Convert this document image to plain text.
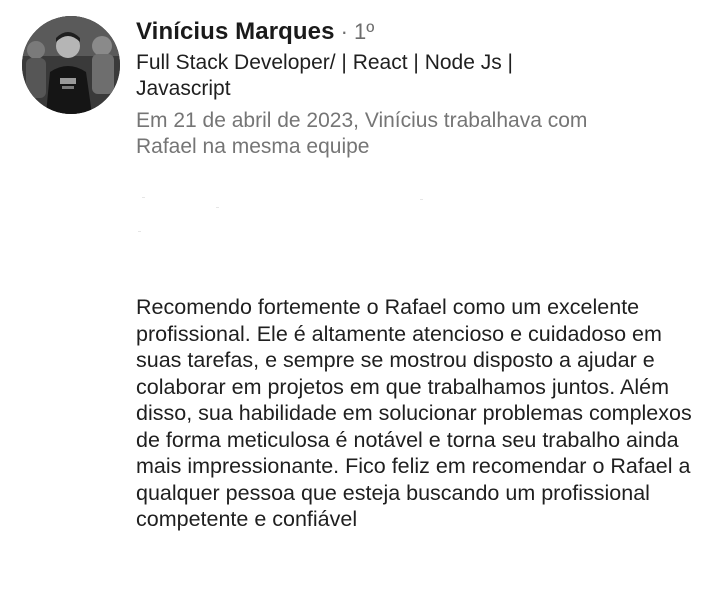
Vinícius Marques · 1º
Full Stack Developer/ | React | Node Js | Javascript
Em 21 de abril de 2023, Vinícius trabalhava com Rafael na mesma equipe
Recomendo fortemente o Rafael como um excelente profissional. Ele é altamente atencioso e cuidadoso em suas tarefas, e sempre se mostrou disposto a ajudar e colaborar em projetos em que trabalhamos juntos. Além disso, sua habilidade em solucionar problemas complexos de forma meticulosa é notável e torna seu trabalho ainda mais impressionante. Fico feliz em recomendar o Rafael a qualquer pessoa que esteja buscando um profissional competente e confiável
